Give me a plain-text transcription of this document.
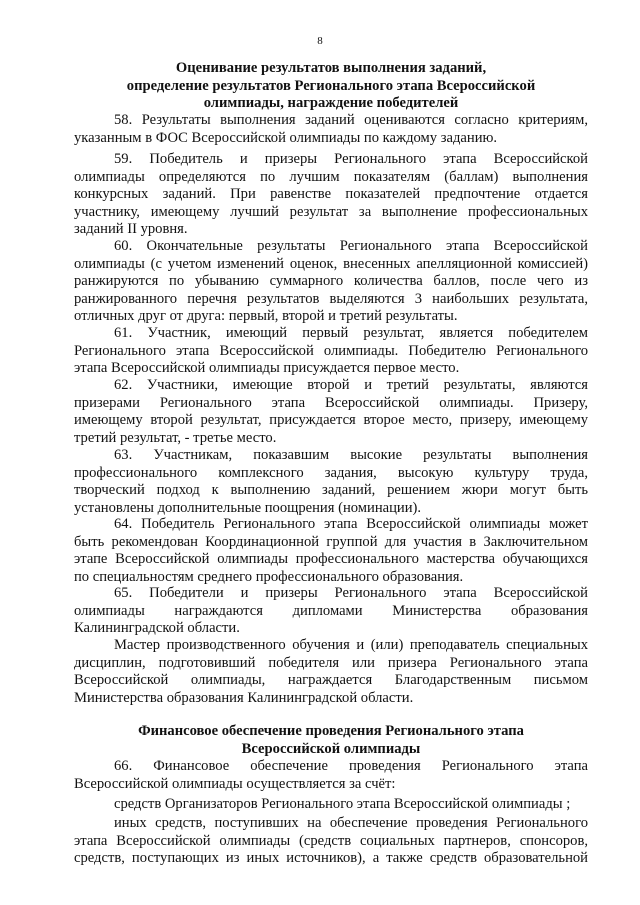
8
Оценивание результатов выполнения заданий,
определение результатов Регионального этапа Всероссийской
олимпиады, награждение победителей
58. Результаты выполнения заданий оцениваются согласно критериям,
указанным в ФОС Всероссийской олимпиады по каждому заданию.
59. Победитель и призеры Регионального этапа Всероссийской
олимпиады определяются по лучшим показателям (баллам) выполнения
конкурсных заданий. При равенстве показателей предпочтение отдается
участнику, имеющему лучший результат за выполнение профессиональных
заданий II уровня.
60. Окончательные результаты Регионального этапа Всероссийской
олимпиады (с учетом изменений оценок, внесенных апелляционной комиссией)
ранжируются по убыванию суммарного количества баллов, после чего из
ранжированного перечня результатов выделяются 3 наибольших результата,
отличных друг от друга: первый, второй и третий результаты.
61. Участник, имеющий первый результат, является победителем
Регионального этапа Всероссийской олимпиады. Победителю Регионального
этапа Всероссийской олимпиады присуждается первое место.
62. Участники, имеющие второй и третий результаты, являются
призерами Регионального этапа Всероссийской олимпиады. Призеру,
имеющему второй результат, присуждается второе место, призеру, имеющему
третий результат, - третье место.
63. Участникам, показавшим высокие результаты выполнения
профессионального комплексного задания, высокую культуру труда,
творческий подход к выполнению заданий, решением жюри могут быть
установлены дополнительные поощрения (номинации).
64. Победитель Регионального этапа Всероссийской олимпиады может
быть рекомендован Координационной группой для участия в Заключительном
этапе Всероссийской олимпиады профессионального мастерства обучающихся
по специальностям среднего профессионального образования.
65. Победители и призеры Регионального этапа Всероссийской
олимпиады награждаются дипломами Министерства образования
Калининградской области.
Мастер производственного обучения и (или) преподаватель специальных
дисциплин, подготовивший победителя или призера Регионального этапа
Всероссийской олимпиады, награждается Благодарственным письмом
Министерства образования Калининградской области.
Финансовое обеспечение проведения Регионального этапа
Всероссийской олимпиады
66. Финансовое обеспечение проведения Регионального этапа
Всероссийской олимпиады осуществляется за счёт:
средств Организаторов Регионального этапа Всероссийской олимпиады ;
иных средств, поступивших на обеспечение проведения Регионального
этапа Всероссийской олимпиады (средств социальных партнеров, спонсоров,
средств, поступающих из иных источников), а также средств образовательной
